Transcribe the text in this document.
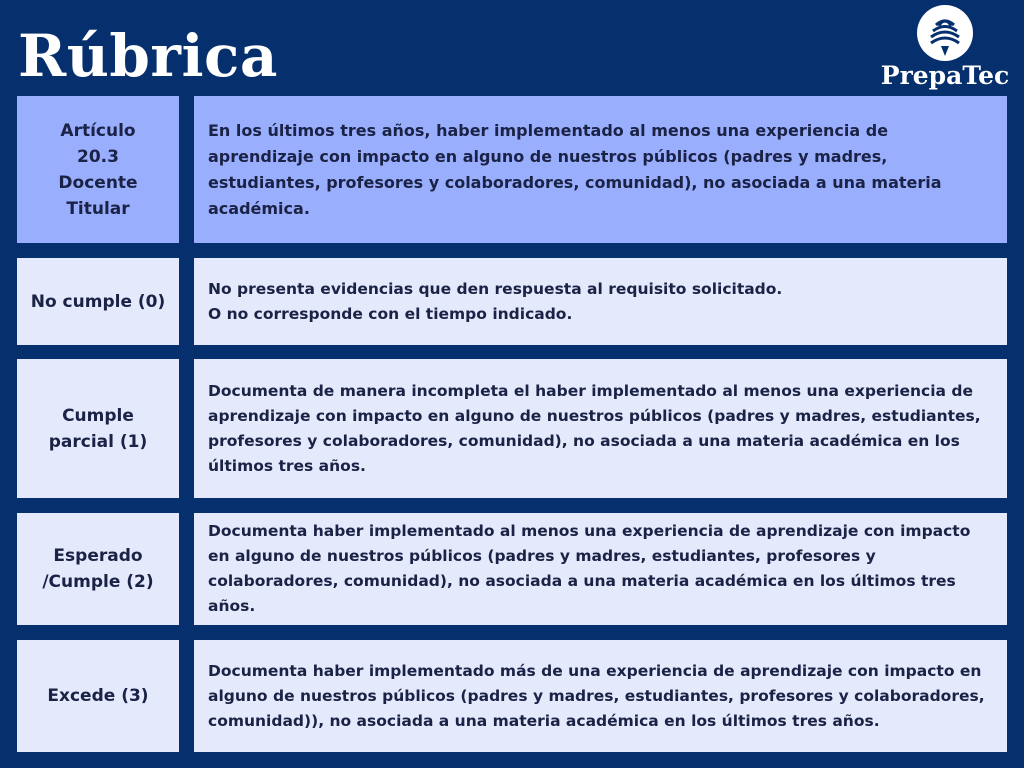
Rúbrica	PrepaTec
Artículo 20.3 Docente Titular
En los últimos tres años, haber implementado al menos una experiencia de aprendizaje con impacto en alguno de nuestros públicos (padres y madres, estudiantes, profesores y colaboradores, comunidad), no asociada a una materia académica.
No cumple (0)
No presenta evidencias que den respuesta al requisito solicitado.
O no corresponde con el tiempo indicado.
Cumple parcial (1)
Documenta de manera incompleta el haber implementado al menos una experiencia de aprendizaje con impacto en alguno de nuestros públicos (padres y madres, estudiantes, profesores y colaboradores, comunidad), no asociada a una materia académica en los últimos tres años.
Esperado /Cumple (2)
Documenta haber implementado al menos una experiencia de aprendizaje con impacto en alguno de nuestros públicos (padres y madres, estudiantes, profesores y colaboradores, comunidad), no asociada a una materia académica en los últimos tres años.
Excede (3)
Documenta haber implementado más de una experiencia de aprendizaje con impacto en alguno de nuestros públicos (padres y madres, estudiantes, profesores y colaboradores, comunidad)), no asociada a una materia académica en los últimos tres años.
